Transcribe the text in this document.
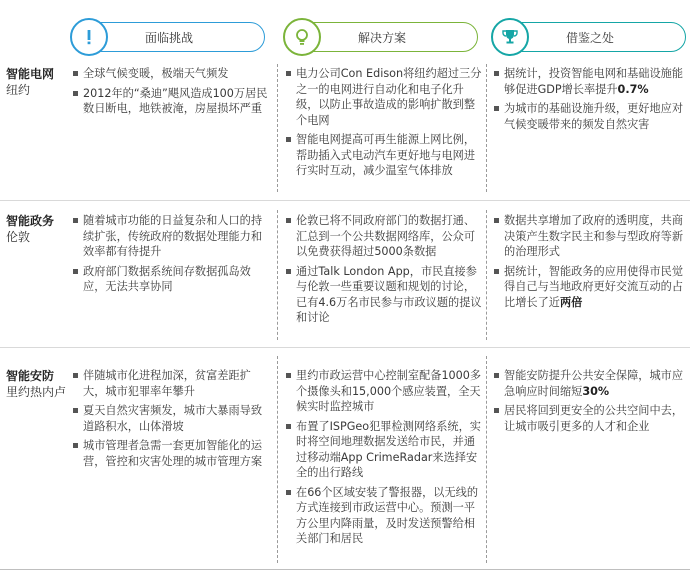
面临挑战	解决方案	借鉴之处
智能电网
纽约
全球气候变暖，极端天气频发
2012年的“桑迪”飓风造成100万居民数日断电，地铁被淹，房屋损坏严重
电力公司Con Edison将纽约超过三分之一的电网进行自动化和电子化升级，以防止事故造成的影响扩散到整个电网
智能电网提高可再生能源上网比例，帮助插入式电动汽车更好地与电网进行实时互动，减少温室气体排放
据统计，投资智能电网和基础设施能够促进GDP增长率提升0.7%
为城市的基础设施升级，更好地应对气候变暖带来的频发自然灾害
智能政务
伦敦
随着城市功能的日益复杂和人口的持续扩张，传统政府的数据处理能力和效率都有待提升
政府部门数据系统间存数据孤岛效应，无法共享协同
伦敦已将不同政府部门的数据打通、汇总到一个公共数据网络库，公众可以免费获得超过5000条数据
通过Talk London App，市民直接参与伦敦一些重要议题和规划的讨论，已有4.6万名市民参与市政议题的提议和讨论
数据共享增加了政府的透明度，共商决策产生数字民主和参与型政府等新的治理形式
据统计，智能政务的应用使得市民觉得自己与当地政府更好交流互动的占比增长了近两倍
智能安防
里约热内卢
伴随城市化进程加深，贫富差距扩大，城市犯罪率年攀升
夏天自然灾害频发，城市大暴雨导致道路积水，山体滑坡
城市管理者急需一套更加智能化的运营，管控和灾害处理的城市管理方案
里约市政运营中心控制室配备1000多个摄像头和15,000个感应装置，全天候实时监控城市
布置了ISPGeo犯罪检测网络系统，实时将空间地理数据发送给市民，并通过移动端App CrimeRadar来选择安全的出行路线
在66个区域安装了警报器，以无线的方式连接到市政运营中心。预测一平方公里内降雨量，及时发送预警给相关部门和居民
智能安防提升公共安全保障，城市应急响应时间缩短30%
居民将回到更安全的公共空间中去，让城市吸引更多的人才和企业
